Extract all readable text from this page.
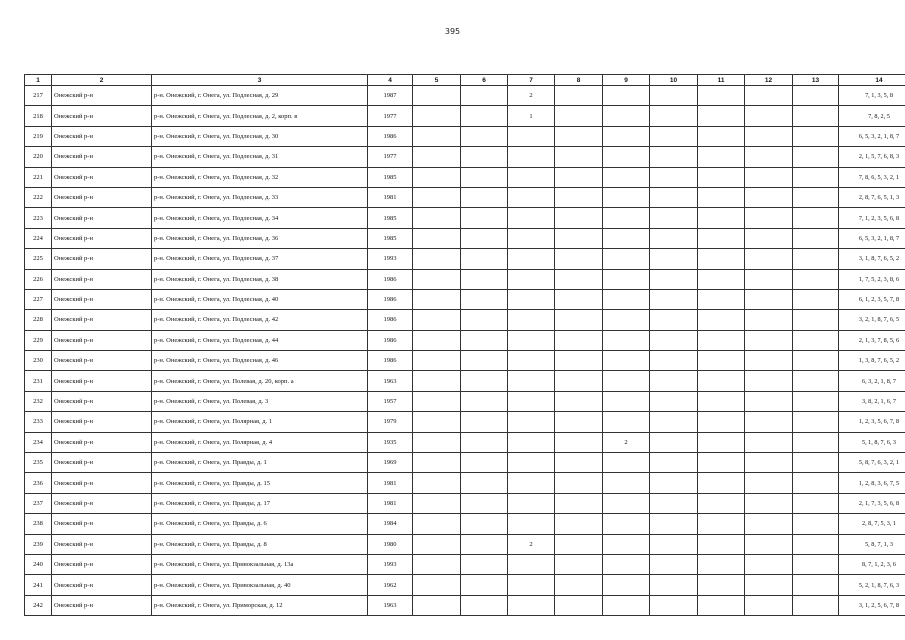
395
1	2	3	4	5	6	7	8	9	10	11	12	13	14
217	Онежский р-н	р-н. Онежский, г. Онега, ул. Подлесная, д. 29	1987			2							7, 1, 3, 5, 8
218	Онежский р-н	р-н. Онежский, г. Онега, ул. Подлесная, д. 2, корп. в	1977			1							7, 8, 2, 5
219	Онежский р-н	р-н. Онежский, г. Онега, ул. Подлесная, д. 30	1986										6, 5, 3, 2, 1, 8, 7
220	Онежский р-н	р-н. Онежский, г. Онега, ул. Подлесная, д. 31	1977										2, 1, 5, 7, 6, 8, 3
221	Онежский р-н	р-н. Онежский, г. Онега, ул. Подлесная, д. 32	1985										7, 8, 6, 5, 3, 2, 1
222	Онежский р-н	р-н. Онежский, г. Онега, ул. Подлесная, д. 33	1981										2, 8, 7, 6, 5, 1, 3
223	Онежский р-н	р-н. Онежский, г. Онега, ул. Подлесная, д. 34	1985										7, 1, 2, 3, 5, 6, 8
224	Онежский р-н	р-н. Онежский, г. Онега, ул. Подлесная, д. 36	1985										6, 5, 3, 2, 1, 8, 7
225	Онежский р-н	р-н. Онежский, г. Онега, ул. Подлесная, д. 37	1993										3, 1, 8, 7, 6, 5, 2
226	Онежский р-н	р-н. Онежский, г. Онега, ул. Подлесная, д. 38	1986										1, 7, 5, 2, 3, 8, 6
227	Онежский р-н	р-н. Онежский, г. Онега, ул. Подлесная, д. 40	1986										6, 1, 2, 3, 5, 7, 8
228	Онежский р-н	р-н. Онежский, г. Онега, ул. Подлесная, д. 42	1986										3, 2, 1, 8, 7, 6, 5
229	Онежский р-н	р-н. Онежский, г. Онега, ул. Подлесная, д. 44	1986										2, 1, 3, 7, 8, 5, 6
230	Онежский р-н	р-н. Онежский, г. Онега, ул. Подлесная, д. 46	1986										1, 3, 8, 7, 6, 5, 2
231	Онежский р-н	р-н. Онежский, г. Онега, ул. Полевая, д. 20, корп. а	1963										6, 3, 2, 1, 8, 7
232	Онежский р-н	р-н. Онежский, г. Онега, ул. Полевая, д. 3	1957										3, 8, 2, 1, 6, 7
233	Онежский р-н	р-н. Онежский, г. Онега, ул. Полярная, д. 1	1979										1, 2, 3, 5, 6, 7, 8
234	Онежский р-н	р-н. Онежский, г. Онега, ул. Полярная, д. 4	1935					2					5, 1, 8, 7, 6, 3
235	Онежский р-н	р-н. Онежский, г. Онега, ул. Правды, д. 1	1969										5, 8, 7, 6, 3, 2, 1
236	Онежский р-н	р-н. Онежский, г. Онега, ул. Правды, д. 15	1981										1, 2, 8, 3, 6, 7, 5
237	Онежский р-н	р-н. Онежский, г. Онега, ул. Правды, д. 17	1981										2, 1, 7, 3, 5, 6, 8
238	Онежский р-н	р-н. Онежский, г. Онега, ул. Правды, д. 6	1984										2, 8, 7, 5, 3, 1
239	Онежский р-н	р-н. Онежский, г. Онега, ул. Правды, д. 8	1980			2							5, 8, 7, 1, 3
240	Онежский р-н	р-н. Онежский, г. Онега, ул. Привокзальная, д. 13а	1993										8, 7, 1, 2, 3, 6
241	Онежский р-н	р-н. Онежский, г. Онега, ул. Привокзальная, д. 40	1962										5, 2, 1, 8, 7, 6, 3
242	Онежский р-н	р-н. Онежский, г. Онега, ул. Приморская, д. 12	1963										3, 1, 2, 5, 6, 7, 8
